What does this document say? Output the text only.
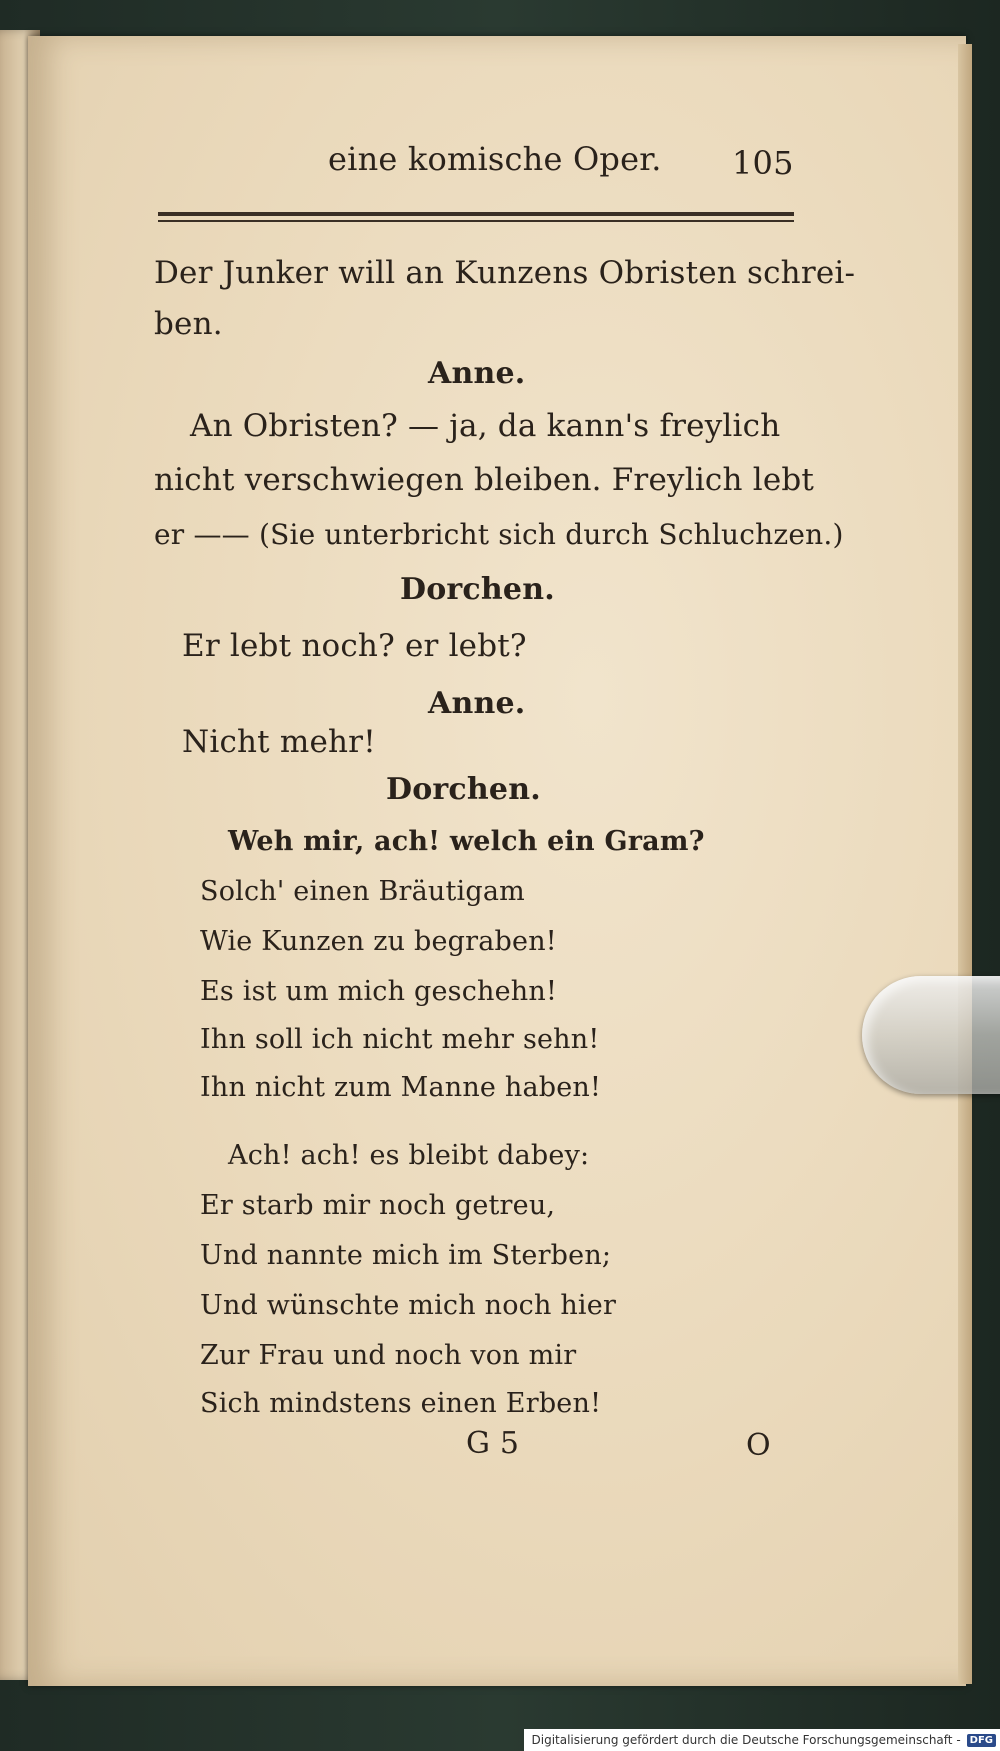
eine komische Oper. 105
Der Junker will an Kunzens Obristen schrei-
ben.
Anne.
An Obristen? — ja, da kann's freylich
nicht verschwiegen bleiben. Freylich lebt
er —— (Sie unterbricht sich durch Schluchzen.)
Dorchen.
Er lebt noch? er lebt?
Anne.
Nicht mehr!
Dorchen.
Weh mir, ach! welch ein Gram?
Solch' einen Bräutigam
Wie Kunzen zu begraben!
Es ist um mich geschehn!
Ihn soll ich nicht mehr sehn!
Ihn nicht zum Manne haben!
Ach! ach! es bleibt dabey:
Er starb mir noch getreu,
Und nannte mich im Sterben;
Und wünschte mich noch hier
Zur Frau und noch von mir
Sich mindstens einen Erben!
G 5	O
Digitalisierung gefördert durch die Deutsche Forschungsgemeinschaft - DFG
